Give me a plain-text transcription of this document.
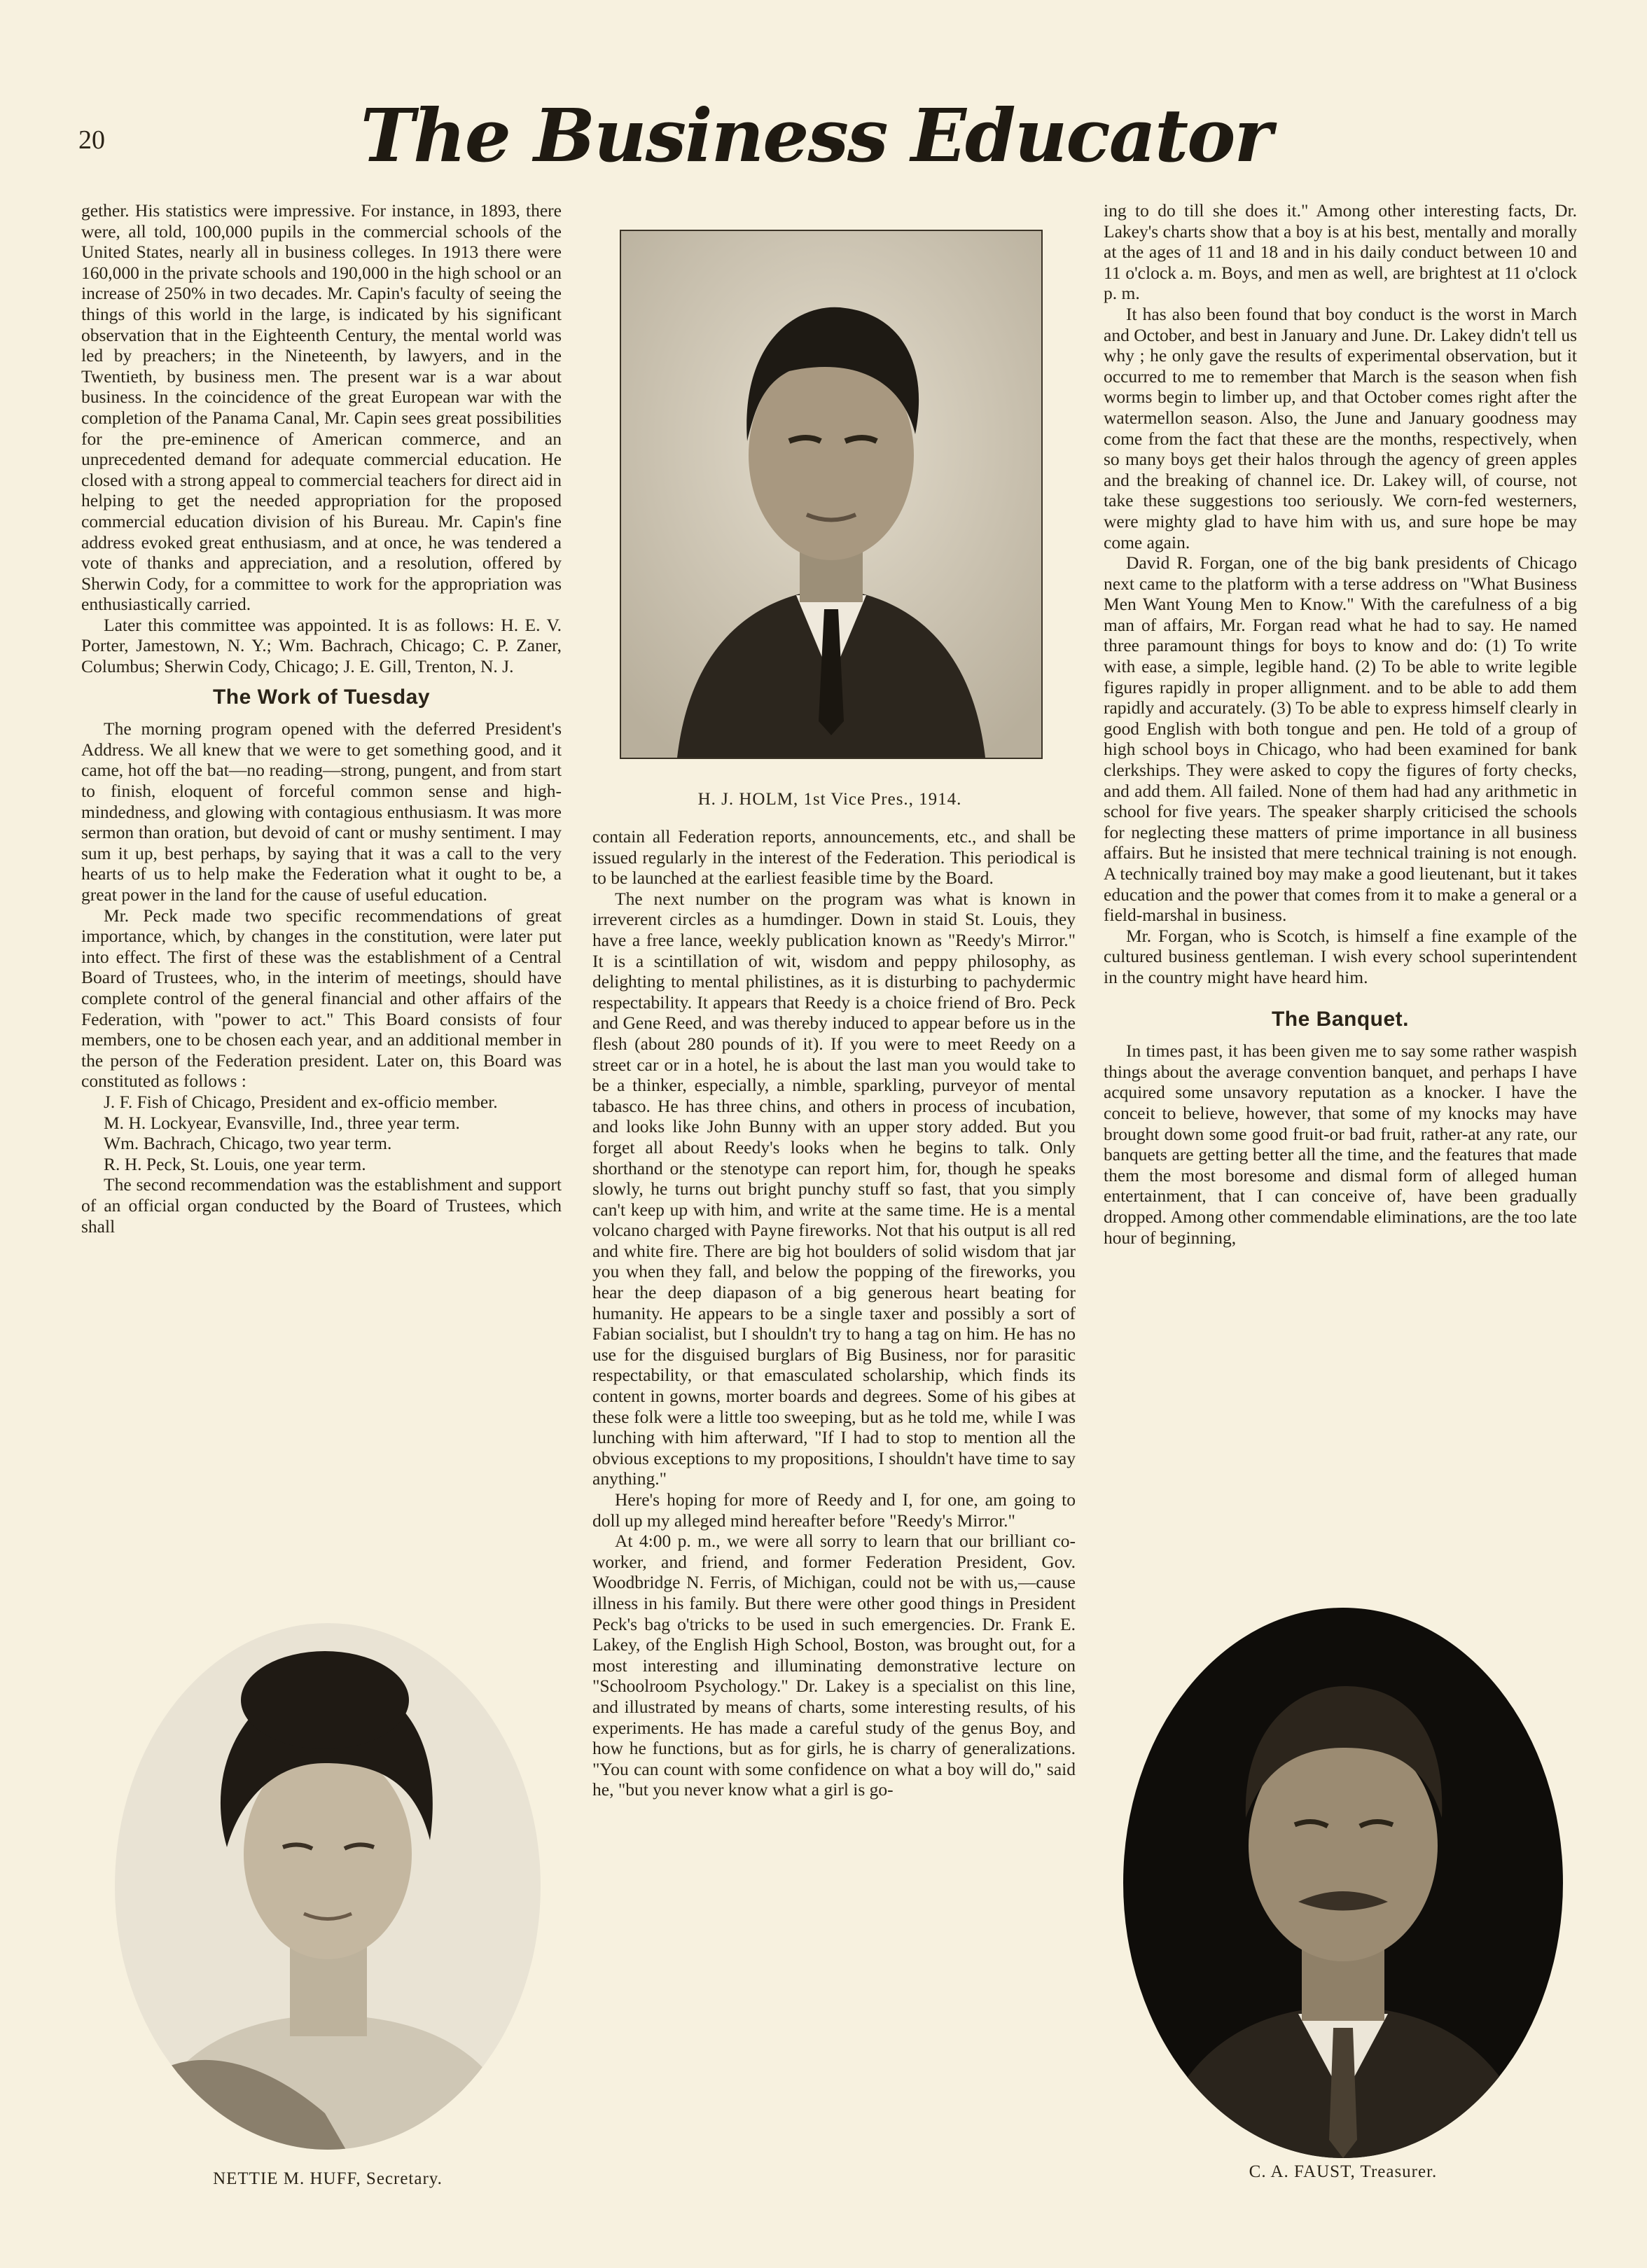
20	The Business Educator

gether. His statistics were impressive. For instance, in 1893, there were, all told, 100,000 pupils in the commercial schools of the United States, nearly all in business colleges. In 1913 there were 160,000 in the private schools and 190,000 in the high school or an increase of 250% in two decades. Mr. Capin's faculty of seeing the things of this world in the large, is indicated by his significant observation that in the Eighteenth Century, the mental world was led by preachers; in the Nineteenth, by lawyers, and in the Twentieth, by business men. The present war is a war about business. In the coincidence of the great European war with the completion of the Panama Canal, Mr. Capin sees great possibilities for the pre-eminence of American commerce, and an unprecedented demand for adequate commercial education. He closed with a strong appeal to commercial teachers for direct aid in helping to get the needed appropriation for the proposed commercial education division of his Bureau. Mr. Capin's fine address evoked great enthusiasm, and at once, he was tendered a vote of thanks and appreciation, and a resolution, offered by Sherwin Cody, for a committee to work for the appropriation was enthusiastically carried.

Later this committee was appointed. It is as follows: H. E. V. Porter, Jamestown, N. Y.; Wm. Bachrach, Chicago; C. P. Zaner, Columbus; Sherwin Cody, Chicago; J. E. Gill, Trenton, N. J.

The Work of Tuesday

The morning program opened with the deferred President's Address. We all knew that we were to get something good, and it came, hot off the bat—no reading—strong, pungent, and from start to finish, eloquent of forceful common sense and high-mindedness, and glowing with contagious enthusiasm. It was more sermon than oration, but devoid of cant or mushy sentiment. I may sum it up, best perhaps, by saying that it was a call to the very hearts of us to help make the Federation what it ought to be, a great power in the land for the cause of useful education.

Mr. Peck made two specific recommendations of great importance, which, by changes in the constitution, were later put into effect. The first of these was the establishment of a Central Board of Trustees, who, in the interim of meetings, should have complete control of the general financial and other affairs of the Federation, with "power to act." This Board consists of four members, one to be chosen each year, and an additional member in the person of the Federation president. Later on, this Board was constituted as follows :

J. F. Fish of Chicago, President and ex-officio member.

M. H. Lockyear, Evansville, Ind., three year term.

Wm. Bachrach, Chicago, two year term.

R. H. Peck, St. Louis, one year term.

The second recommendation was the establishment and support of an official organ conducted by the Board of Trustees, which shall

H. J. HOLM, 1st Vice Pres., 1914.

contain all Federation reports, announcements, etc., and shall be issued regularly in the interest of the Federation. This periodical is to be launched at the earliest feasible time by the Board.

The next number on the program was what is known in irreverent circles as a humdinger. Down in staid St. Louis, they have a free lance, weekly publication known as "Reedy's Mirror." It is a scintillation of wit, wisdom and peppy philosophy, as delighting to mental philistines, as it is disturbing to pachydermic respectability. It appears that Reedy is a choice friend of Bro. Peck and Gene Reed, and was thereby induced to appear before us in the flesh (about 280 pounds of it). If you were to meet Reedy on a street car or in a hotel, he is about the last man you would take to be a thinker, especially, a nimble, sparkling, purveyor of mental tabasco. He has three chins, and others in process of incubation, and looks like John Bunny with an upper story added. But you forget all about Reedy's looks when he begins to talk. Only shorthand or the stenotype can report him, for, though he speaks slowly, he turns out bright punchy stuff so fast, that you simply can't keep up with him, and write at the same time. He is a mental volcano charged with Payne fireworks. Not that his output is all red and white fire. There are big hot boulders of solid wisdom that jar you when they fall, and below the popping of the fireworks, you hear the deep diapason of a big generous heart beating for humanity. He appears to be a single taxer and possibly a sort of Fabian socialist, but I shouldn't try to hang a tag on him. He has no use for the disguised burglars of Big Business, nor for parasitic respectability, or that emasculated scholarship, which finds its content in gowns, morter boards and degrees. Some of his gibes at these folk were a little too sweeping, but as he told me, while I was lunching with him afterward, "If I had to stop to mention all the obvious exceptions to my propositions, I shouldn't have time to say anything."

Here's hoping for more of Reedy and I, for one, am going to doll up my alleged mind hereafter before "Reedy's Mirror."

At 4:00 p. m., we were all sorry to learn that our brilliant co-worker, and friend, and former Federation President, Gov. Woodbridge N. Ferris, of Michigan, could not be with us,—cause illness in his family. But there were other good things in President Peck's bag o'tricks to be used in such emergencies. Dr. Frank E. Lakey, of the English High School, Boston, was brought out, for a most interesting and illuminating demonstrative lecture on "Schoolroom Psychology." Dr. Lakey is a specialist on this line, and illustrated by means of charts, some interesting results, of his experiments. He has made a careful study of the genus Boy, and how he functions, but as for girls, he is charry of generalizations. "You can count with some confidence on what a boy will do," said he, "but you never know what a girl is go-

ing to do till she does it." Among other interesting facts, Dr. Lakey's charts show that a boy is at his best, mentally and morally at the ages of 11 and 18 and in his daily conduct between 10 and 11 o'clock a. m. Boys, and men as well, are brightest at 11 o'clock p. m.

It has also been found that boy conduct is the worst in March and October, and best in January and June. Dr. Lakey didn't tell us why ; he only gave the results of experimental observation, but it occurred to me to remember that March is the season when fish worms begin to limber up, and that October comes right after the watermellon season. Also, the June and January goodness may come from the fact that these are the months, respectively, when so many boys get their halos through the agency of green apples and the breaking of channel ice. Dr. Lakey will, of course, not take these suggestions too seriously. We corn-fed westerners, were mighty glad to have him with us, and sure hope be may come again.

David R. Forgan, one of the big bank presidents of Chicago next came to the platform with a terse address on "What Business Men Want Young Men to Know." With the carefulness of a big man of affairs, Mr. Forgan read what he had to say. He named three paramount things for boys to know and do: (1) To write with ease, a simple, legible hand. (2) To be able to write legible figures rapidly in proper allignment. and to be able to add them rapidly and accurately. (3) To be able to express himself clearly in good English with both tongue and pen. He told of a group of high school boys in Chicago, who had been examined for bank clerkships. They were asked to copy the figures of forty checks, and add them. All failed. None of them had had any arithmetic in school for five years. The speaker sharply criticised the schools for neglecting these matters of prime importance in all business affairs. But he insisted that mere technical training is not enough. A technically trained boy may make a good lieutenant, but it takes education and the power that comes from it to make a general or a field-marshal in business.

Mr. Forgan, who is Scotch, is himself a fine example of the cultured business gentleman. I wish every school superintendent in the country might have heard him.

The Banquet.

In times past, it has been given me to say some rather waspish things about the average convention banquet, and perhaps I have acquired some unsavory reputation as a knocker. I have the conceit to believe, however, that some of my knocks may have brought down some good fruit-or bad fruit, rather-at any rate, our banquets are getting better all the time, and the features that made them the most boresome and dismal form of alleged human entertainment, that I can conceive of, have been gradually dropped. Among other commendable eliminations, are the too late hour of beginning,

NETTIE M. HUFF, Secretary.	C. A. FAUST, Treasurer.
